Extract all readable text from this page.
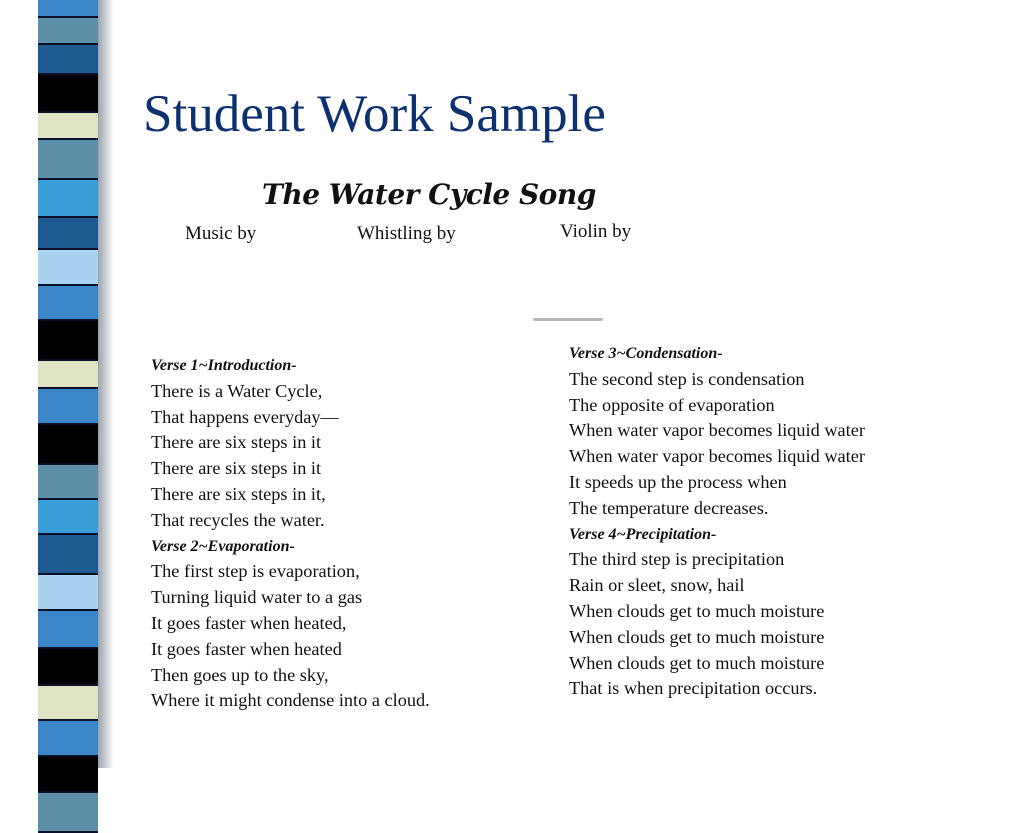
Student Work Sample
The Water Cycle Song
Music by	Whistling by	Violin by
Verse 1~Introduction-
There is a Water Cycle,
That happens everyday—
There are six steps in it
There are six steps in it
There are six steps in it,
That recycles the water.
Verse 2~Evaporation-
The first step is evaporation,
Turning liquid water to a gas
It goes faster when heated,
It goes faster when heated
Then goes up to the sky,
Where it might condense into a cloud.
Verse 3~Condensation-
The second step is condensation
The opposite of evaporation
When water vapor becomes liquid water
When water vapor becomes liquid water
It speeds up the process when
The temperature decreases.
Verse 4~Precipitation-
The third step is precipitation
Rain or sleet, snow, hail
When clouds get to much moisture
When clouds get to much moisture
When clouds get to much moisture
That is when precipitation occurs.
